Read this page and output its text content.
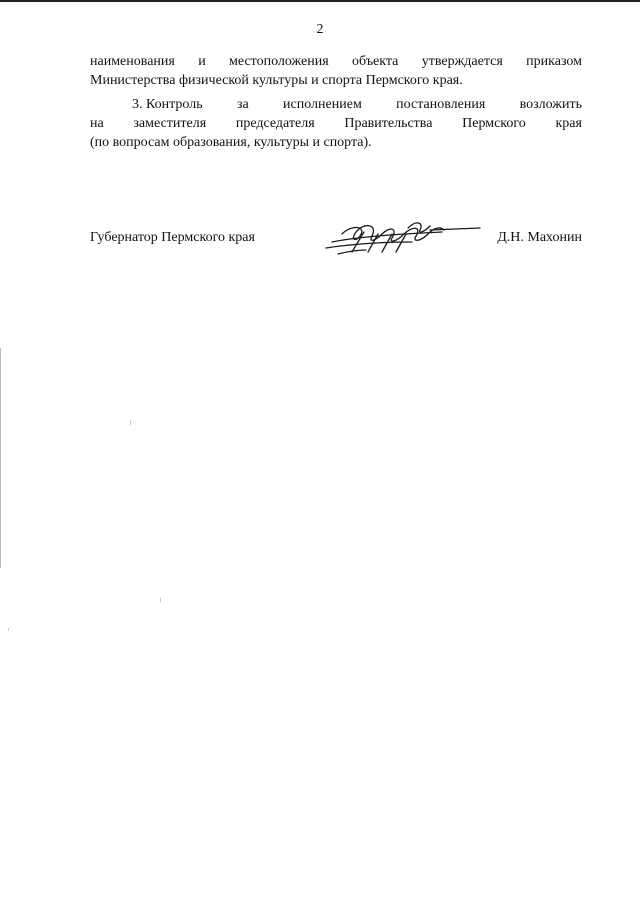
2
наименования и местоположения объекта утверждается приказом
Министерства физической культуры и спорта Пермского края.
3. Контроль за исполнением постановления возложить
на заместителя председателя Правительства Пермского края
(по вопросам образования, культуры и спорта).
Губернатор Пермского края	Д.Н. Махонин
